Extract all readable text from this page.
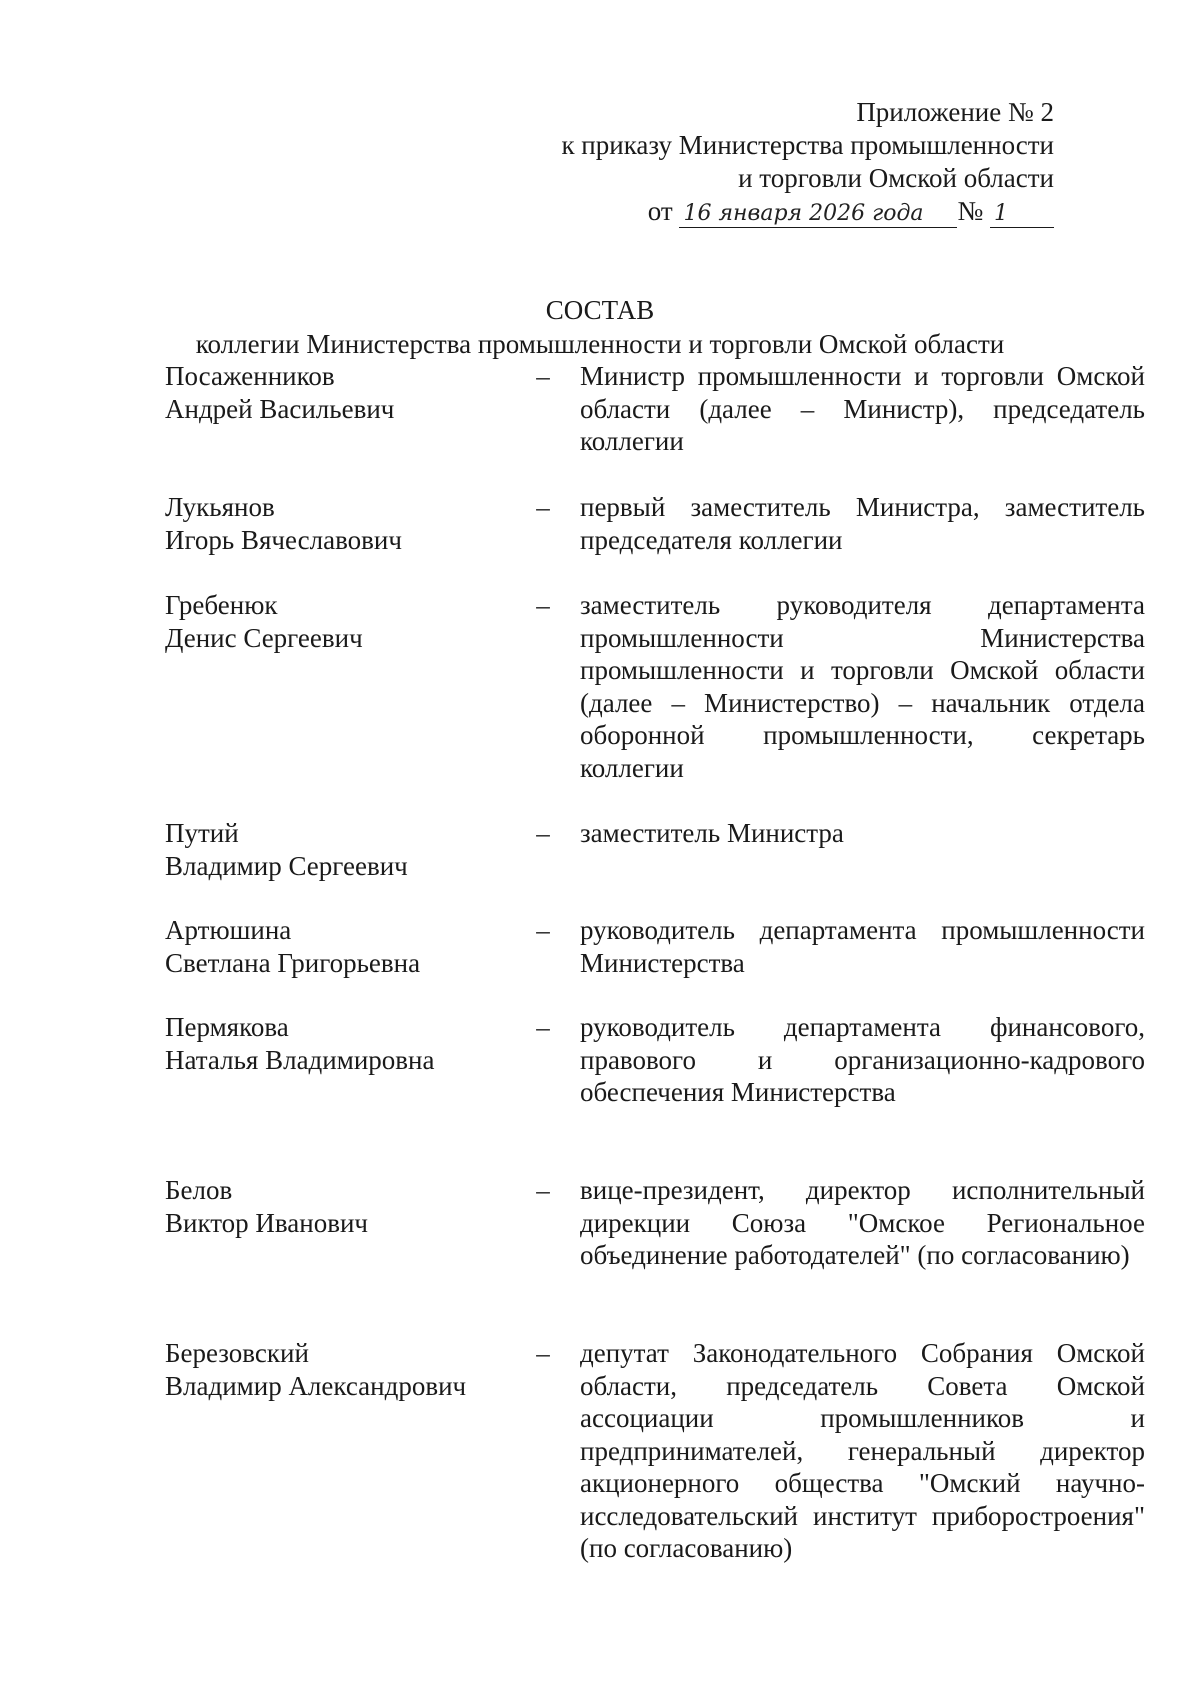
Приложение № 2
к приказу Министерства промышленности
и торговли Омской области
от 16 января 2026 года № 1
СОСТАВ
коллегии Министерства промышленности и торговли Омской области
Посаженников
Андрей Васильевич
–	Министр промышленности и торговли Омской области (далее – Министр), председатель коллегии
Лукьянов
Игорь Вячеславович
–	первый заместитель Министра, заместитель председателя коллегии
Гребенюк
Денис Сергеевич
–	заместитель руководителя департамента промышленности Министерства промышленности и торговли Омской области (далее – Министерство) – начальник отдела оборонной промышленности, секретарь коллегии
Путий
Владимир Сергеевич
–	заместитель Министра
Артюшина
Светлана Григорьевна
–	руководитель департамента промышленности Министерства
Пермякова
Наталья Владимировна
–	руководитель департамента финансового, правового и организационно-кадрового обеспечения Министерства
Белов
Виктор Иванович
–	вице-президент, директор исполнительный дирекции Союза "Омское Региональное объединение работодателей" (по согласованию)
Березовский
Владимир Александрович
–	депутат Законодательного Собрания Омской области, председатель Совета Омской ассоциации промышленников и предпринимателей, генеральный директор акционерного общества "Омский научно-исследовательский институт приборостроения" (по согласованию)
